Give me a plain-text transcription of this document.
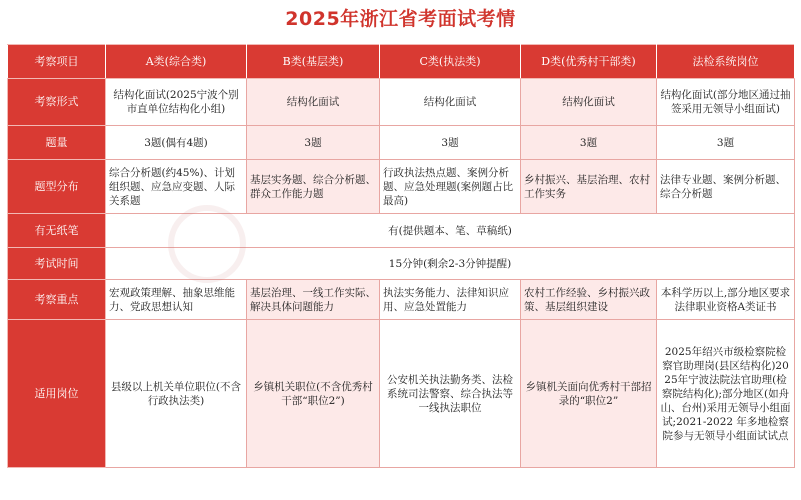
2025年浙江省考面试考情
考察项目	A类(综合类)	B类(基层类)	C类(执法类)	D类(优秀村干部类)	法检系统岗位
考察形式	结构化面试(2025宁波个别市直单位结构化小组)	结构化面试	结构化面试	结构化面试	结构化面试(部分地区通过抽签采用无领导小组面试)
题量	3题(偶有4题)	3题	3题	3题	3题
题型分布	综合分析题(约45%)、计划组织题、应急应变题、人际关系题	基层实务题、综合分析题、群众工作能力题	行政执法热点题、案例分析题、应急处理题(案例题占比最高)	乡村振兴、基层治理、农村工作实务	法律专业题、案例分析题、综合分析题
有无纸笔	有(提供题本、笔、草稿纸)				
考试时间	15分钟(剩余2-3分钟提醒)				
考察重点	宏观政策理解、抽象思维能力、党政思想认知	基层治理、一线工作实际、解决具体问题能力	执法实务能力、法律知识应用、应急处置能力	农村工作经验、乡村振兴政策、基层组织建设	本科学历以上,部分地区要求法律职业资格A类证书
适用岗位	县级以上机关单位职位(不含行政执法类)	乡镇机关职位(不含优秀村干部“职位2”)	公安机关执法勤务类、法检系统司法警察、综合执法等一线执法职位	乡镇机关面向优秀村干部招录的“职位2”	2025年绍兴市级检察院检察官助理岗(县区结构化)2025年宁波法院法官助理(检察院结构化);部分地区(如舟山、台州)采用无领导小组面试;2021-2022 年多地检察院参与无领导小组面试试点
